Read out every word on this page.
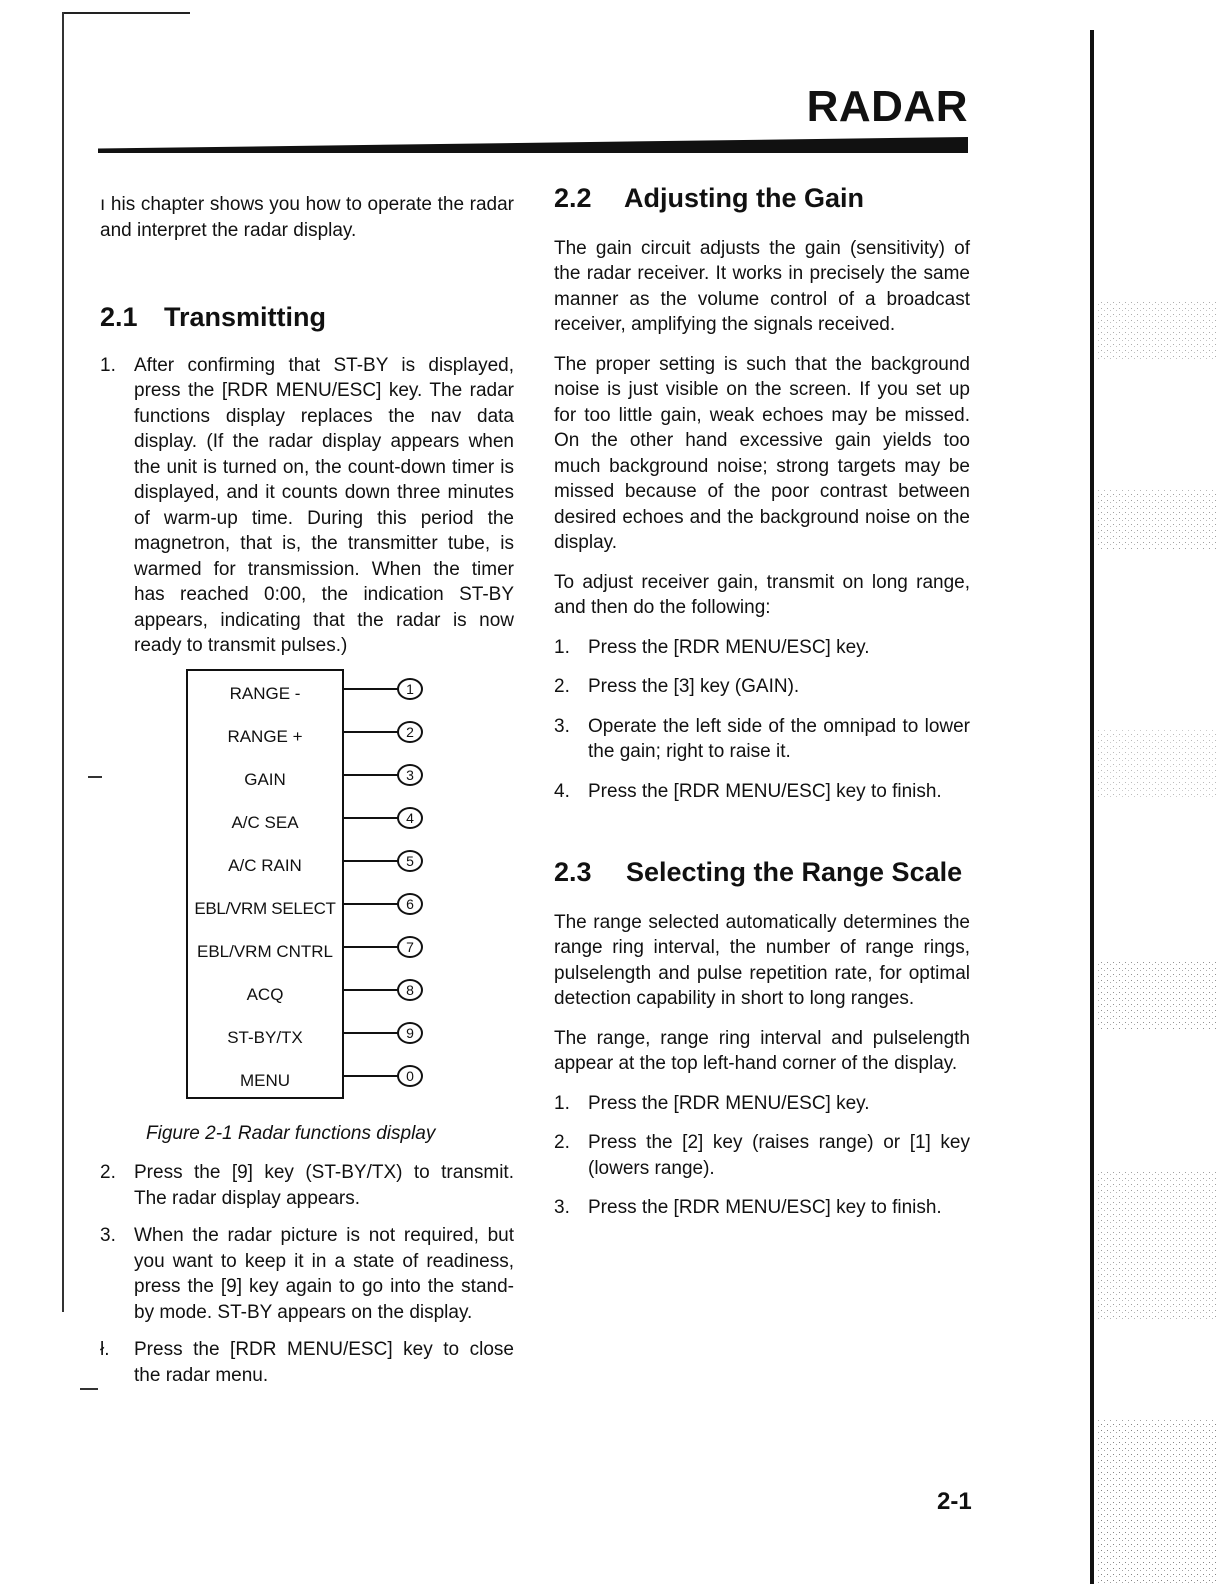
RADAR

ı his chapter shows you how to operate the radar and interpret the radar display.

2.1 Transmitting
1. After confirming that ST-BY is displayed, press the [RDR MENU/ESC] key. The radar functions display replaces the nav data display. (If the radar display appears when the unit is turned on, the count-down timer is displayed, and it counts down three minutes of warm-up time. During this period the magnetron, that is, the transmitter tube, is warmed for transmission. When the timer has reached 0:00, the indication ST-BY appears, indicating that the radar is now ready to transmit pulses.)
RANGE -
RANGE +
GAIN
A/C SEA
A/C RAIN
EBL/VRM SELECT
EBL/VRM CNTRL
ACQ
ST-BY/TX
MENU
1
2
3
4
5
6
7
8
9
0

Figure 2-1 Radar functions display

2. Press the [9] key (ST-BY/TX) to transmit. The radar display appears.
3. When the radar picture is not required, but you want to keep it in a state of readiness, press the [9] key again to go into the stand-by mode. ST-BY appears on the display.
ł. Press the [RDR MENU/ESC] key to close the radar menu.
2.2 Adjusting the Gain

The gain circuit adjusts the gain (sensitivity) of the radar receiver. It works in precisely the same manner as the volume control of a broadcast receiver, amplifying the signals received.

The proper setting is such that the background noise is just visible on the screen. If you set up for too little gain, weak echoes may be missed. On the other hand excessive gain yields too much background noise; strong targets may be missed because of the poor contrast between desired echoes and the background noise on the display.

To adjust receiver gain, transmit on long range, and then do the following:

1. Press the [RDR MENU/ESC] key.
2. Press the [3] key (GAIN).
3. Operate the left side of the omnipad to lower the gain; right to raise it.
4. Press the [RDR MENU/ESC] key to finish.
2.3 Selecting the Range Scale

The range selected automatically determines the range ring interval, the number of range rings, pulselength and pulse repetition rate, for optimal detection capability in short to long ranges.

The range, range ring interval and pulselength appear at the top left-hand corner of the display.

1. Press the [RDR MENU/ESC] key.
2. Press the [2] key (raises range) or [1] key (lowers range).
3. Press the [RDR MENU/ESC] key to finish.
2-1
